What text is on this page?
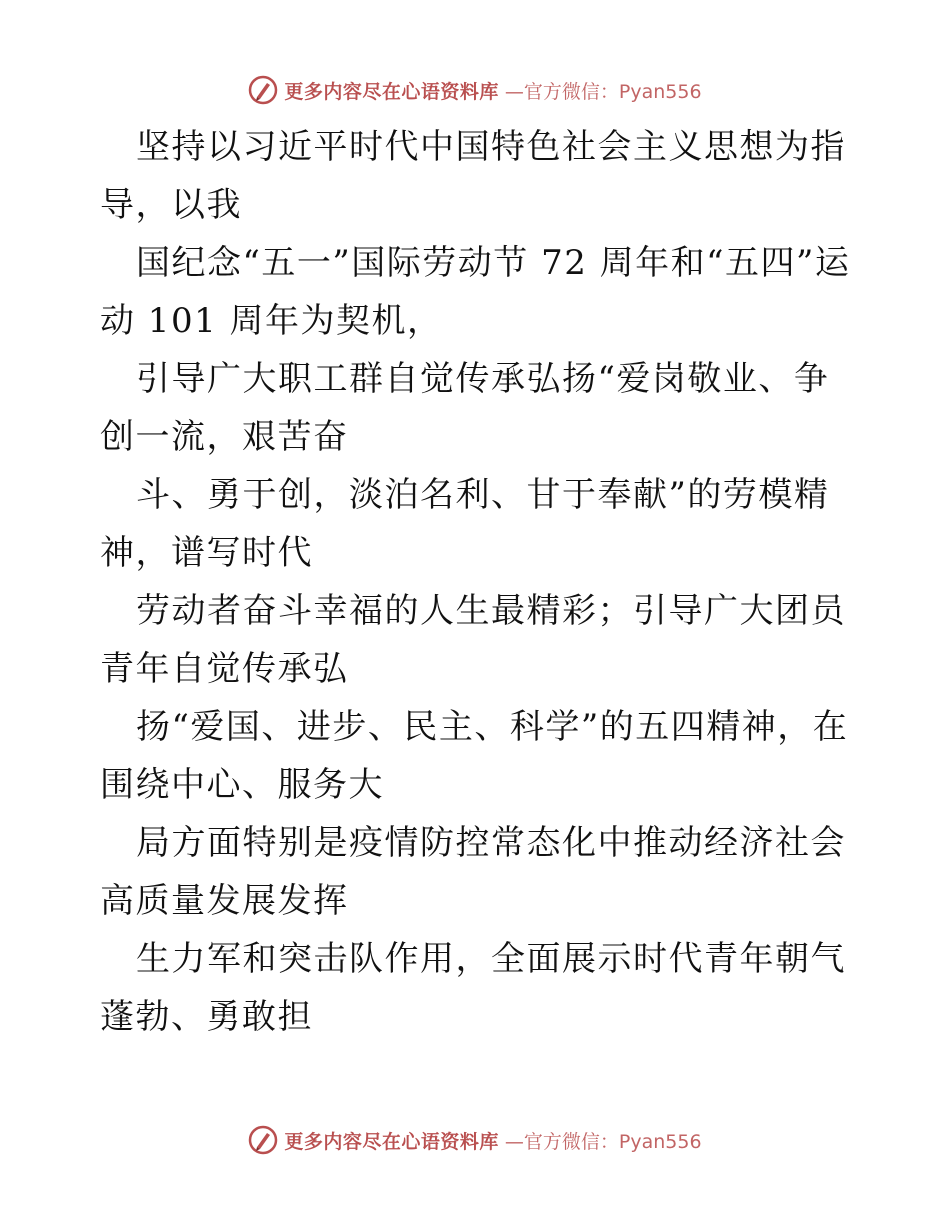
更多内容尽在心语资料库 —官方微信：Pyan556
坚持以习近平时代中国特色社会主义思想为指导，以我
国纪念“五一”国际劳动节 72 周年和“五四”运动 101 周年为契机，
引导广大职工群自觉传承弘扬“爱岗敬业、争创一流，艰苦奋
斗、勇于创，淡泊名利、甘于奉献”的劳模精神，谱写时代
劳动者奋斗幸福的人生最精彩；引导广大团员青年自觉传承弘
扬“爱国、进步、民主、科学”的五四精神，在围绕中心、服务大
局方面特别是疫情防控常态化中推动经济社会高质量发展发挥
生力军和突击队作用，全面展示时代青年朝气蓬勃、勇敢担
更多内容尽在心语资料库 —官方微信：Pyan556
